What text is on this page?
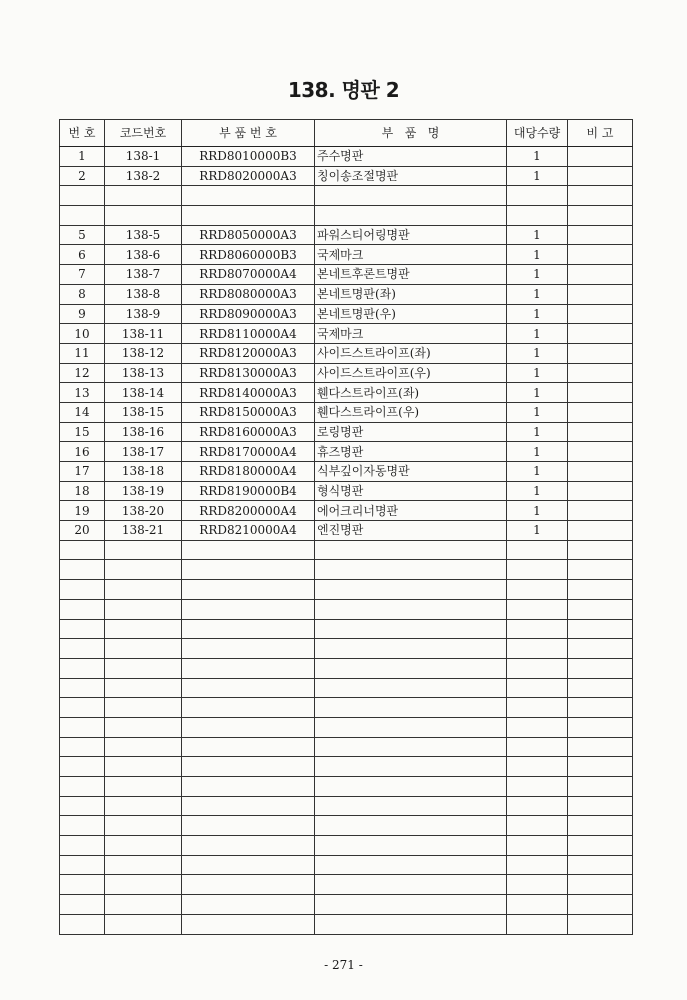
138. 명판 2
번 호	코드번호	부 품 번 호	부   품   명	대당수량	비 고
1	138-1	RRD8010000B3	주수명판	1	
2	138-2	RRD8020000A3	칭이송조절명판	1	

5	138-5	RRD8050000A3	파워스티어링명판	1	
6	138-6	RRD8060000B3	국제마크	1	
7	138-7	RRD8070000A4	본네트후론트명판	1	
8	138-8	RRD8080000A3	본네트명판(좌)	1	
9	138-9	RRD8090000A3	본네트명판(우)	1	
10	138-11	RRD8110000A4	국제마크	1	
11	138-12	RRD8120000A3	사이드스트라이프(좌)	1	
12	138-13	RRD8130000A3	사이드스트라이프(우)	1	
13	138-14	RRD8140000A3	휀다스트라이프(좌)	1	
14	138-15	RRD8150000A3	휀다스트라이프(우)	1	
15	138-16	RRD8160000A3	로링명판	1	
16	138-17	RRD8170000A4	휴즈명판	1	
17	138-18	RRD8180000A4	식부깊이자동명판	1	
18	138-19	RRD8190000B4	형식명판	1	
19	138-20	RRD8200000A4	에어크리너명판	1	
20	138-21	RRD8210000A4	엔진명판	1	

- 271 -
